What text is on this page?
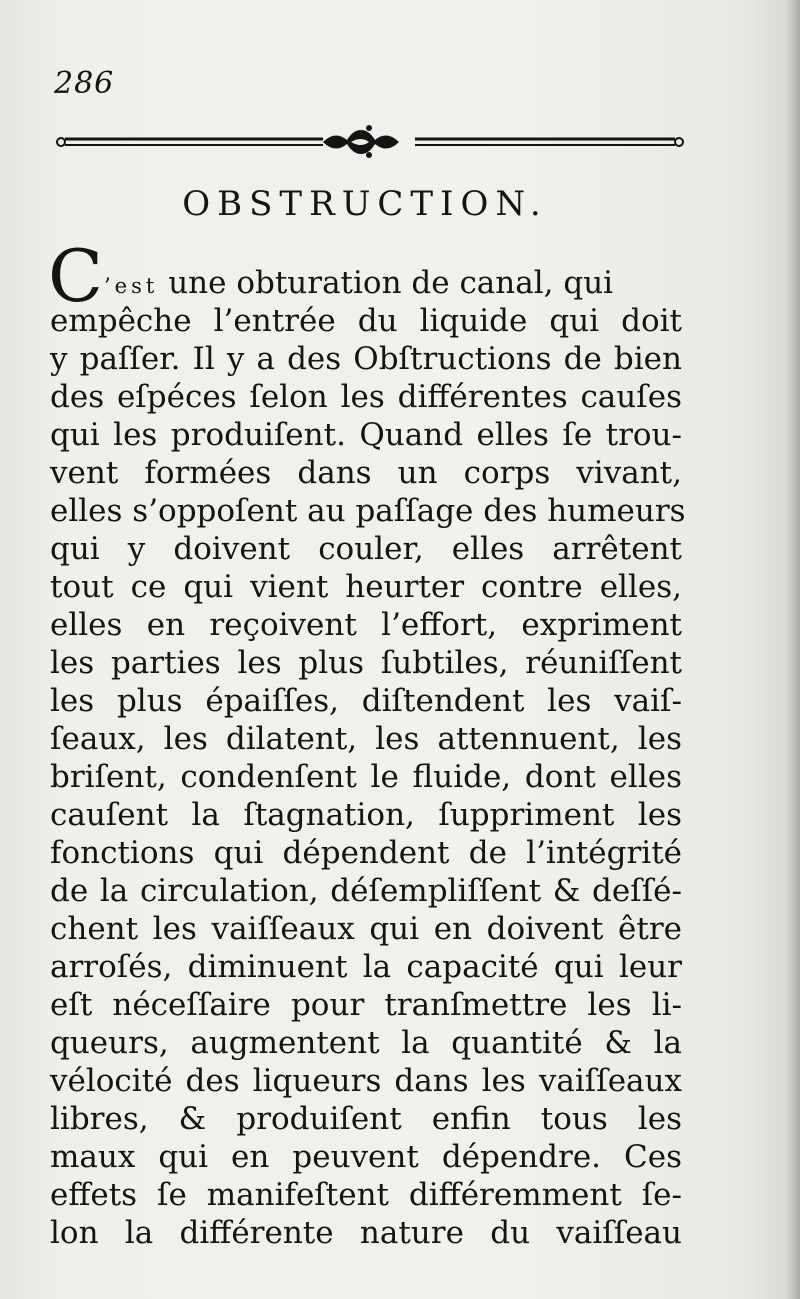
286
OBSTRUCTION.
C ’est une obturation de canal, qui
empêche l’entrée du liquide qui doit
y paſſer. Il y a des Obſtructions de bien
des eſpéces ſelon les différentes cauſes
qui les produiſent. Quand elles ſe trou-
vent formées dans un corps vivant,
elles s’oppoſent au paſſage des humeurs
qui y doivent couler, elles arrêtent
tout ce qui vient heurter contre elles,
elles en reçoivent l’effort, expriment
les parties les plus ſubtiles, réuniſſent
les plus épaiſſes, diſtendent les vaiſ-
ſeaux, les dilatent, les attennuent, les
briſent, condenſent le fluide, dont elles
cauſent la ſtagnation, ſuppriment les
fonctions qui dépendent de l’intégrité
de la circulation, déſempliſſent & deſſé-
chent les vaiſſeaux qui en doivent être
arroſés, diminuent la capacité qui leur
eſt néceſſaire pour tranſmettre les li-
queurs, augmentent la quantité & la
vélocité des liqueurs dans les vaiſſeaux
libres, & produiſent enfin tous les
maux qui en peuvent dépendre. Ces
effets ſe manifeſtent différemment ſe-
lon la différente nature du vaiſſeau
